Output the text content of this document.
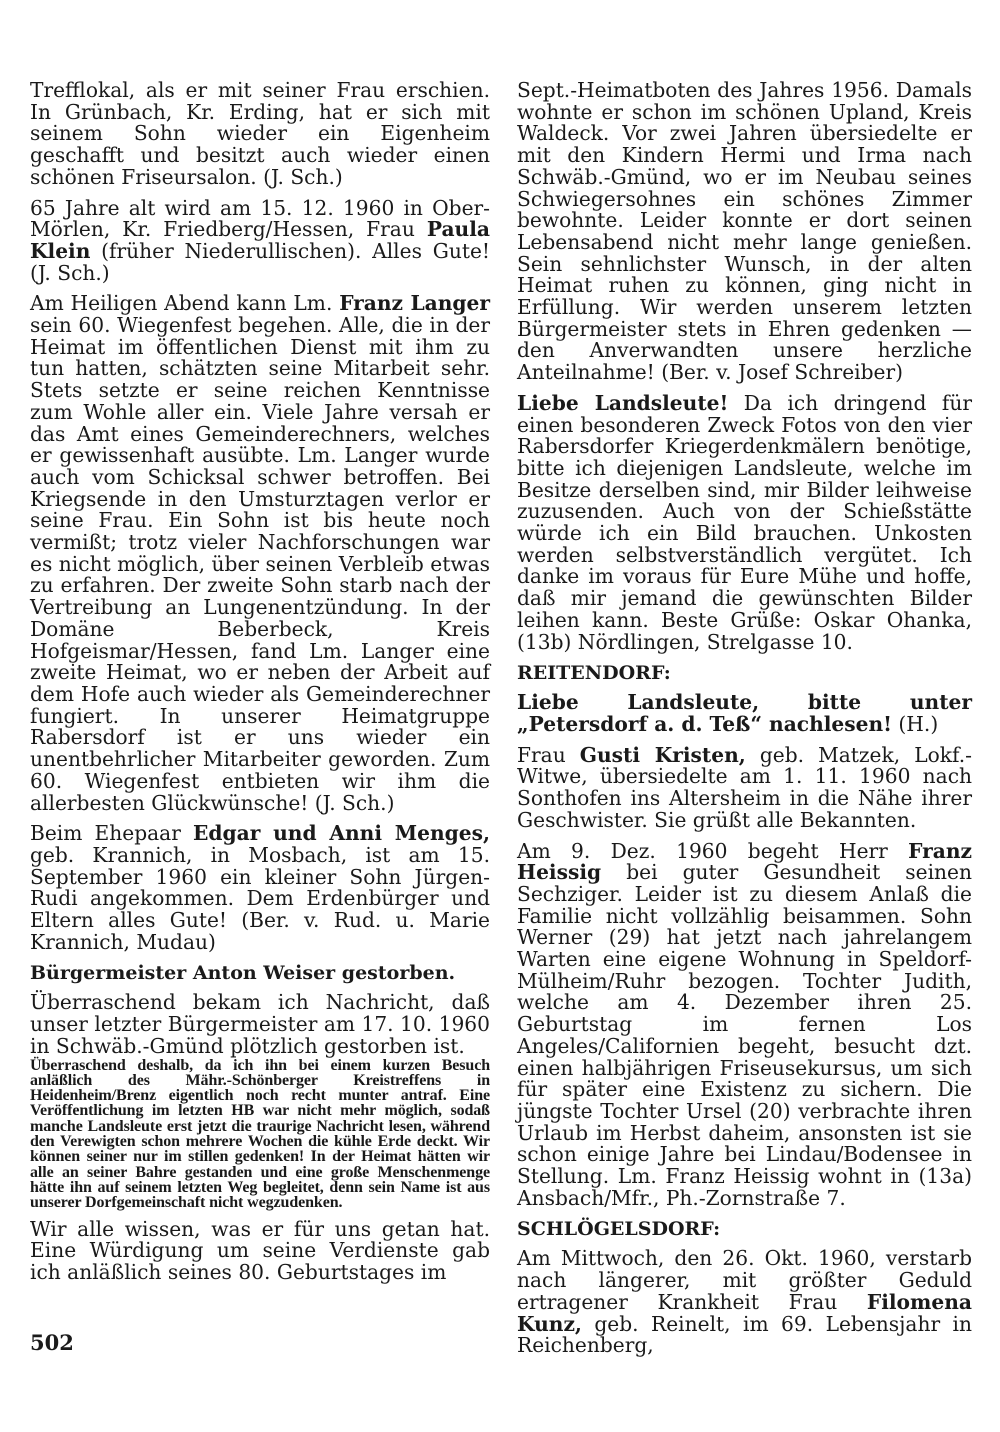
Trefflokal, als er mit seiner Frau erschien. In Grünbach, Kr. Erding, hat er sich mit seinem Sohn wieder ein Eigenheim geschafft und besitzt auch wieder einen schönen Friseursalon. (J. Sch.)

65 Jahre alt wird am 15. 12. 1960 in Ober-Mörlen, Kr. Friedberg/Hessen, Frau Paula Klein (früher Niederullischen). Alles Gute! (J. Sch.)

Am Heiligen Abend kann Lm. Franz Langer sein 60. Wiegenfest begehen. Alle, die in der Heimat im öffentlichen Dienst mit ihm zu tun hatten, schätzten seine Mitarbeit sehr. Stets setzte er seine reichen Kenntnisse zum Wohle aller ein. Viele Jahre versah er das Amt eines Gemeinderechners, welches er gewissenhaft ausübte. Lm. Langer wurde auch vom Schicksal schwer betroffen. Bei Kriegsende in den Umsturztagen verlor er seine Frau. Ein Sohn ist bis heute noch vermißt; trotz vieler Nachforschungen war es nicht möglich, über seinen Verbleib etwas zu erfahren. Der zweite Sohn starb nach der Vertreibung an Lungenentzündung. In der Domäne Beberbeck, Kreis Hofgeismar/Hessen, fand Lm. Langer eine zweite Heimat, wo er neben der Arbeit auf dem Hofe auch wieder als Gemeinderechner fungiert. In unserer Heimatgruppe Rabersdorf ist er uns wieder ein unentbehrlicher Mitarbeiter geworden. Zum 60. Wiegenfest entbieten wir ihm die allerbesten Glückwünsche! (J. Sch.)

Beim Ehepaar Edgar und Anni Menges, geb. Krannich, in Mosbach, ist am 15. September 1960 ein kleiner Sohn Jürgen-Rudi angekommen. Dem Erdenbürger und Eltern alles Gute! (Ber. v. Rud. u. Marie Krannich, Mudau)

Bürgermeister Anton Weiser gestorben.

Überraschend bekam ich Nachricht, daß unser letzter Bürgermeister am 17. 10. 1960 in Schwäb.-Gmünd plötzlich gestorben ist.

Überraschend deshalb, da ich ihn bei einem kurzen Besuch anläßlich des Mähr.-Schönberger Kreistreffens in Heidenheim/Brenz eigentlich noch recht munter antraf. Eine Veröffentlichung im letzten HB war nicht mehr möglich, sodaß manche Landsleute erst jetzt die traurige Nachricht lesen, während den Verewigten schon mehrere Wochen die kühle Erde deckt. Wir können seiner nur im stillen gedenken! In der Heimat hätten wir alle an seiner Bahre gestanden und eine große Menschenmenge hätte ihn auf seinem letzten Weg begleitet, denn sein Name ist aus unserer Dorfgemeinschaft nicht wegzudenken.

Wir alle wissen, was er für uns getan hat. Eine Würdigung um seine Verdienste gab ich anläßlich seines 80. Geburtstages im

Sept.-Heimatboten des Jahres 1956. Damals wohnte er schon im schönen Upland, Kreis Waldeck. Vor zwei Jahren übersiedelte er mit den Kindern Hermi und Irma nach Schwäb.-Gmünd, wo er im Neubau seines Schwiegersohnes ein schönes Zimmer bewohnte. Leider konnte er dort seinen Lebensabend nicht mehr lange genießen. Sein sehnlichster Wunsch, in der alten Heimat ruhen zu können, ging nicht in Erfüllung. Wir werden unserem letzten Bürgermeister stets in Ehren gedenken — den Anverwandten unsere herzliche Anteilnahme! (Ber. v. Josef Schreiber)

Liebe Landsleute! Da ich dringend für einen besonderen Zweck Fotos von den vier Rabersdorfer Kriegerdenkmälern benötige, bitte ich diejenigen Landsleute, welche im Besitze derselben sind, mir Bilder leihweise zuzusenden. Auch von der Schießstätte würde ich ein Bild brauchen. Unkosten werden selbstverständlich vergütet. Ich danke im voraus für Eure Mühe und hoffe, daß mir jemand die gewünschten Bilder leihen kann. Beste Grüße: Oskar Ohanka, (13b) Nördlingen, Strelgasse 10.

REITENDORF:

Liebe Landsleute, bitte unter „Petersdorf a. d. Teß“ nachlesen! (H.)

Frau Gusti Kristen, geb. Matzek, Lokf.-Witwe, übersiedelte am 1. 11. 1960 nach Sonthofen ins Altersheim in die Nähe ihrer Geschwister. Sie grüßt alle Bekannten.

Am 9. Dez. 1960 begeht Herr Franz Heissig bei guter Gesundheit seinen Sechziger. Leider ist zu diesem Anlaß die Familie nicht vollzählig beisammen. Sohn Werner (29) hat jetzt nach jahrelangem Warten eine eigene Wohnung in Speldorf-Mülheim/Ruhr bezogen. Tochter Judith, welche am 4. Dezember ihren 25. Geburtstag im fernen Los Angeles/Californien begeht, besucht dzt. einen halbjährigen Friseusekursus, um sich für später eine Existenz zu sichern. Die jüngste Tochter Ursel (20) verbrachte ihren Urlaub im Herbst daheim, ansonsten ist sie schon einige Jahre bei Lindau/Bodensee in Stellung. Lm. Franz Heissig wohnt in (13a) Ansbach/Mfr., Ph.-Zornstraße 7.

SCHLÖGELSDORF:

Am Mittwoch, den 26. Okt. 1960, verstarb nach längerer, mit größter Geduld ertragener Krankheit Frau Filomena Kunz, geb. Reinelt, im 69. Lebensjahr in Reichenberg,

502
